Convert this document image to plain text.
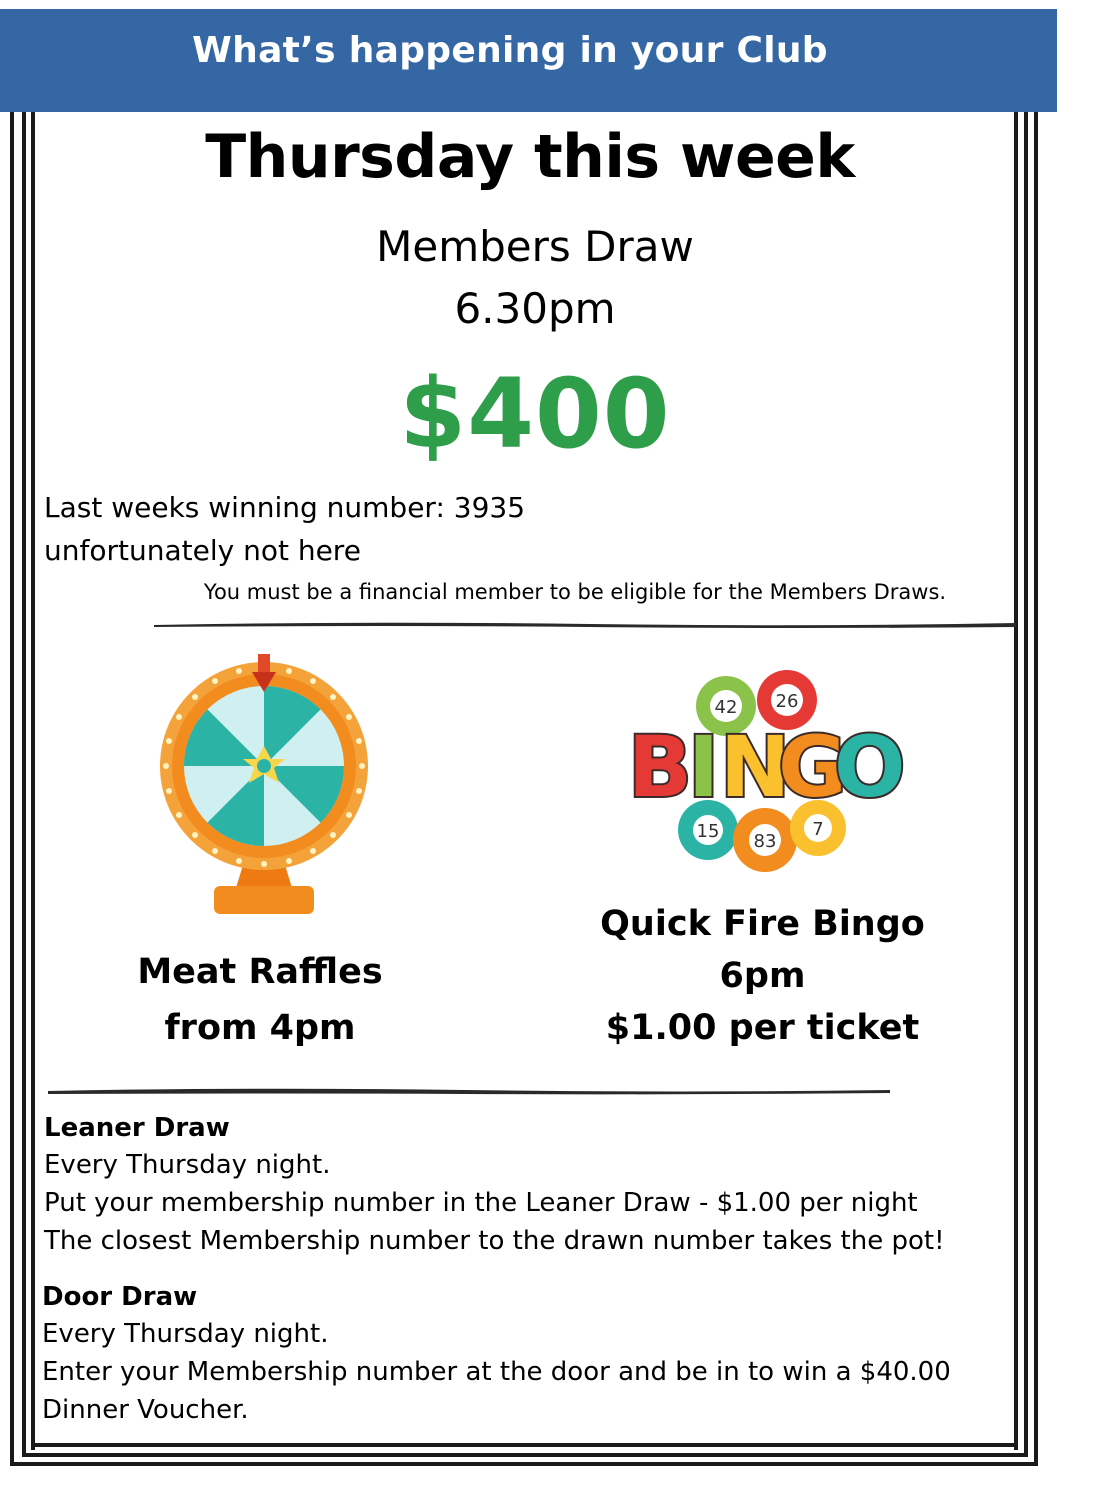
What’s happening in your Club
Thursday this week
Members Draw
6.30pm
$400
Last weeks winning number: 3935
unfortunately not here
You must be a financial member to be eligible for the Members Draws.
42 26
15 83
7
B
I N
G
O
Meat Raffles
from 4pm
Quick Fire Bingo
6pm
$1.00 per ticket
Leaner Draw
Every Thursday night.
Put your membership number in the Leaner Draw - $1.00 per night
The closest Membership number to the drawn number takes the pot!
Door Draw
Every Thursday night.
Enter your Membership number at the door and be in to win a $40.00
Dinner Voucher.
